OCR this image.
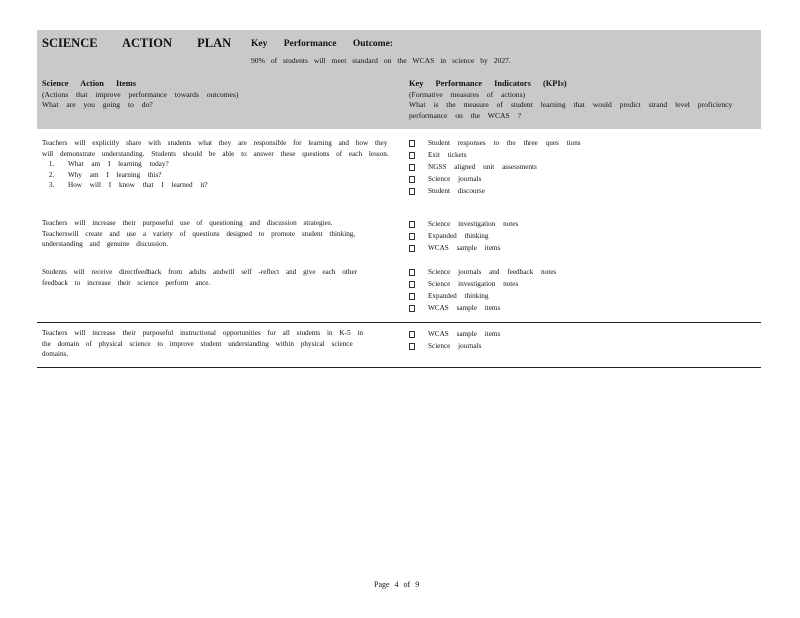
SCIENCE ACTION PLAN Key Performance Outcome:
90% of students will meet standard on the WCAS in science by 2027.
Science Action Items
(Actions that improve performance towards outcomes)
What are you going to do?
Key Performance Indicators (KPIs)
(Formative measures of actions)
What is the measure of student learning that would predict strand level proficiency performance on the WCAS ?

Teachers will explicitly share with students what they are responsible for learning and how they will demonstrate understanding. Students should be able to answer these questions of each lesson.

1. What am I learning today?
2. Why am I learning this?
3. How will I know that I learned it?
Student responses to the three ques tions
Exit tickets
NGSS aligned unit assessments
Science journals
Student discourse

Teachers will increase their purposeful use of questioning and discussion strategies. Teacherswill create and use a variety of questions designed to promote student thinking, understanding and genuine discussion.

Science investigation notes
Expanded thinking
WCAS sample items

Students will receive directfeedback from adults andwill self -reflect and give each other feedback to increase their science perform ance.

Science journals and feedback notes
Science investigation notes
Expanded thinking
WCAS sample items

Teachers will increase their purposeful instructional opportunities for all students in K-5 in the domain of physical science to improve student understanding within physical science domains.

WCAS sample items
Science journals
Page 4 of 9
